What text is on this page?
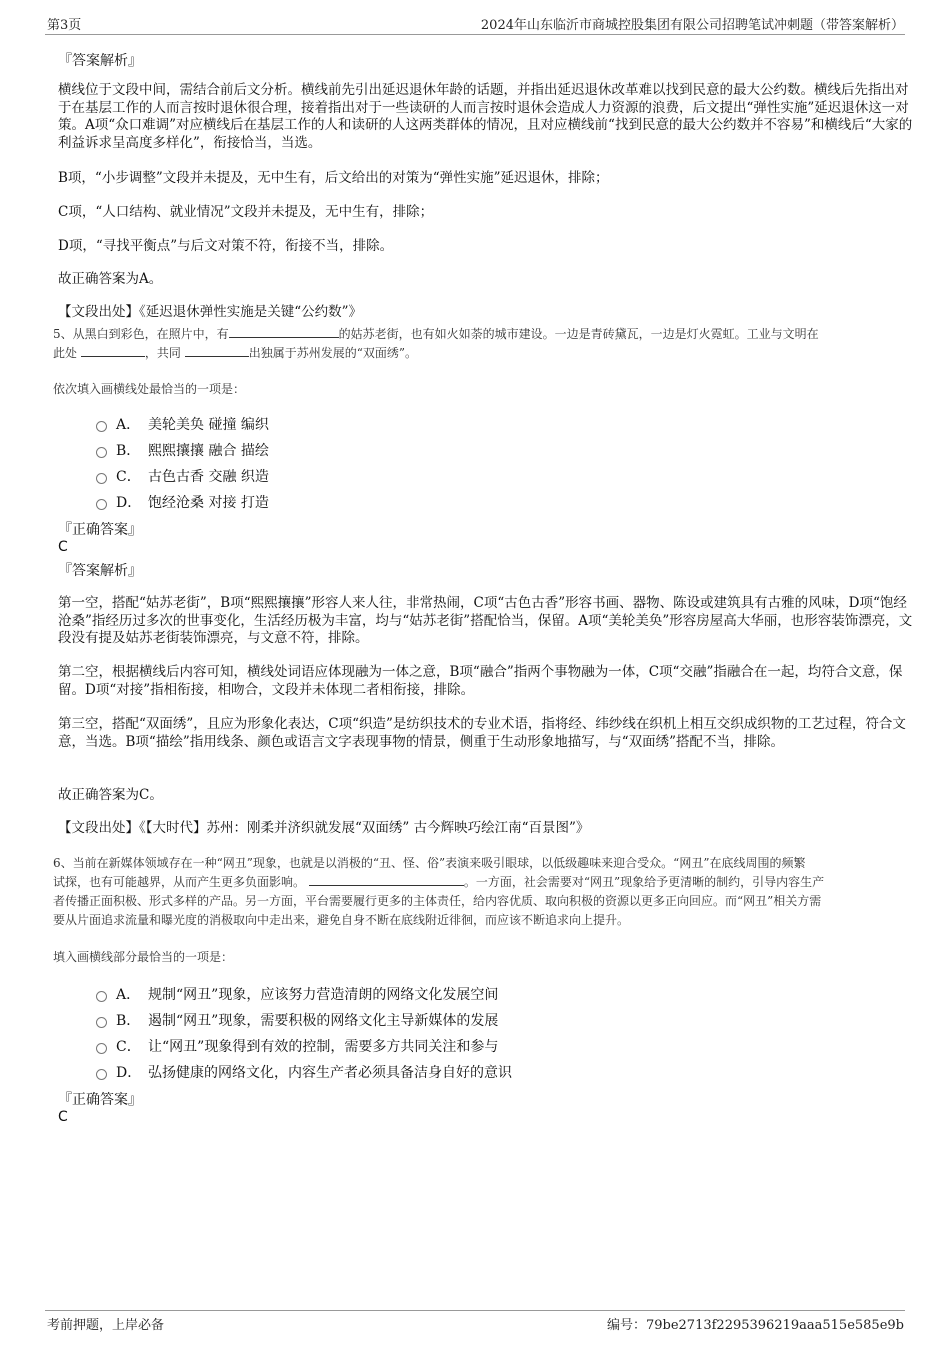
第3页	2024年山东临沂市商城控股集团有限公司招聘笔试冲刺题（带答案解析）
『答案解析』
横线位于文段中间，需结合前后文分析。横线前先引出延迟退休年龄的话题，并指出延迟退休改革难以找到民意的最大公约数。横线后先指出对于在基层工作的人而言按时退休很合理，接着指出对于一些读研的人而言按时退休会造成人力资源的浪费，后文提出“弹性实施”延迟退休这一对策。A项“众口难调”对应横线后在基层工作的人和读研的人这两类群体的情况，且对应横线前“找到民意的最大公约数并不容易”和横线后“大家的利益诉求呈高度多样化”，衔接恰当，当选。
B项，“小步调整”文段并未提及，无中生有，后文给出的对策为“弹性实施”延迟退休，排除；
C项，“人口结构、就业情况”文段并未提及，无中生有，排除；
D项，“寻找平衡点”与后文对策不符，衔接不当，排除。
故正确答案为A。
【文段出处】《延迟退休弹性实施是关键“公约数”》
5、从黑白到彩色，在照片中，有	的姑苏老街，也有如火如荼的城市建设。一边是青砖黛瓦，一边是灯火霓虹。工业与文明在
此处	，共同	出独属于苏州发展的“双面绣”。
依次填入画横线处最恰当的一项是：
A． 美轮美奂 碰撞 编织
B． 熙熙攘攘 融合 描绘
C． 古色古香 交融 织造
D． 饱经沧桑 对接 打造
『正确答案』
C
『答案解析』
第一空，搭配“姑苏老街”，B项“熙熙攘攘”形容人来人往，非常热闹，C项“古色古香”形容书画、器物、陈设或建筑具有古雅的风味，D项“饱经沧桑”指经历过多次的世事变化，生活经历极为丰富，均与“姑苏老街”搭配恰当，保留。A项“美轮美奂”形容房屋高大华丽，也形容装饰漂亮，文段没有提及姑苏老街装饰漂亮，与文意不符，排除。
第二空，根据横线后内容可知，横线处词语应体现融为一体之意，B项“融合”指两个事物融为一体，C项“交融”指融合在一起，均符合文意，保留。D项“对接”指相衔接，相吻合，文段并未体现二者相衔接，排除。
第三空，搭配“双面绣”，且应为形象化表达，C项“织造”是纺织技术的专业术语，指将经、纬纱线在织机上相互交织成织物的工艺过程，符合文意，当选。B项“描绘”指用线条、颜色或语言文字表现事物的情景，侧重于生动形象地描写，与“双面绣”搭配不当，排除。
故正确答案为C。
【文段出处】《【大时代】苏州：刚柔并济织就发展“双面绣” 古今辉映巧绘江南“百景图”》
6、当前在新媒体领域存在一种“网丑”现象，也就是以消极的“丑、怪、俗”表演来吸引眼球，以低级趣味来迎合受众。“网丑”在底线周围的频繁
试探，也有可能越界，从而产生更多负面影响。	。一方面，社会需要对“网丑”现象给予更清晰的制约，引导内容生产
者传播正面积极、形式多样的产品。另一方面，平台需要履行更多的主体责任，给内容优质、取向积极的资源以更多正向回应。而“网丑”相关方需
要从片面追求流量和曝光度的消极取向中走出来，避免自身不断在底线附近徘徊，而应该不断追求向上提升。
填入画横线部分最恰当的一项是：
A． 规制“网丑”现象，应该努力营造清朗的网络文化发展空间
B． 遏制“网丑”现象，需要积极的网络文化主导新媒体的发展
C． 让“网丑”现象得到有效的控制，需要多方共同关注和参与
D． 弘扬健康的网络文化，内容生产者必须具备洁身自好的意识
『正确答案』
C
考前押题，上岸必备	编号：79be2713f2295396219aaa515e585e9b
